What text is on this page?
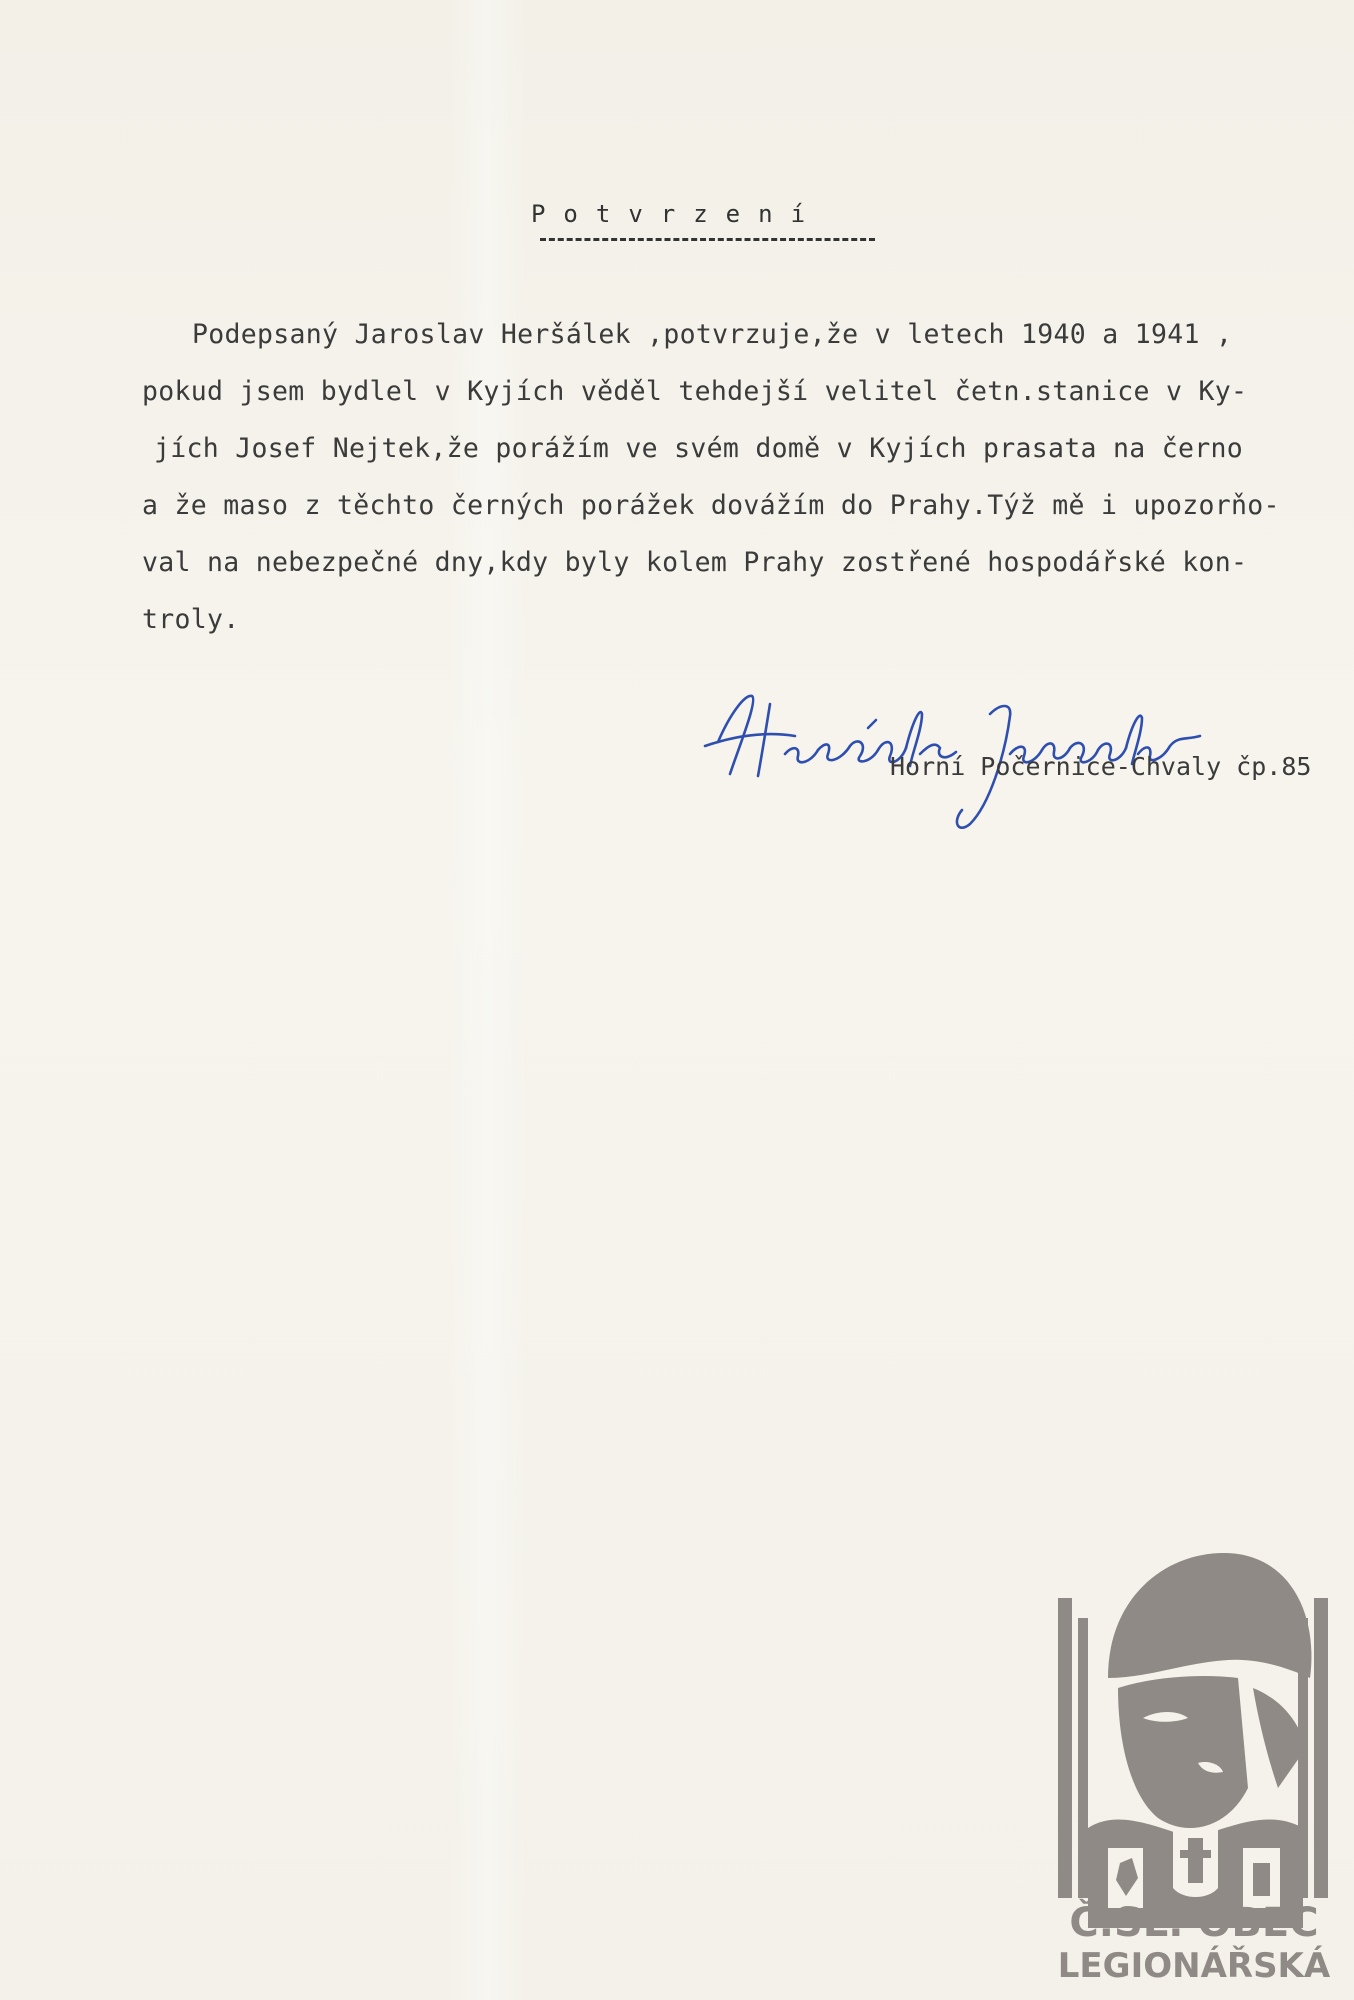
Potvrzení
Podepsaný Jaroslav Heršálek ,potvrzuje,že v letech 1940 a 1941 ,
pokud jsem bydlel v Kyjích věděl tehdejší velitel četn.stanice v Ky-
jích Josef Nejtek,že porážím ve svém domě v Kyjích prasata na černo
a že maso z těchto černých porážek dovážím do Prahy.Týž mě i upozorňo-
val na nebezpečné dny,kdy byly kolem Prahy zostřené hospodářské kon-
troly.
Horní Počernice-Chvaly čp.85
Č.SL. OBEC
LEGIONÁŘSKÁ
